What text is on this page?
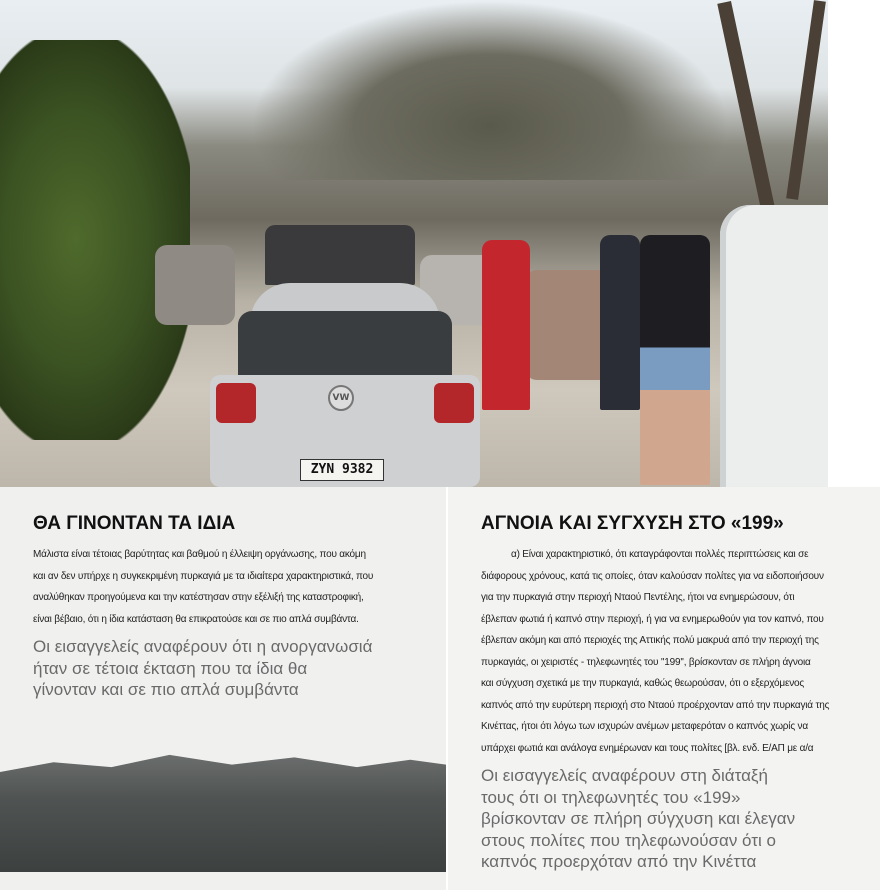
VW
ZYN 9382
ΘΑ ΓΙΝΟΝΤΑΝ ΤΑ ΙΔΙΑ

Μάλιστα είναι τέτοιας βαρύτητας και βαθμού η έλλειψη οργάνωσης, που ακόμη

και αν δεν υπήρχε η συγκεκριμένη πυρκαγιά με τα ιδιαίτερα χαρακτηριστικά, που

αναλύθηκαν προηγούμενα και την κατέστησαν στην εξέλιξή της καταστροφική,

είναι βέβαιο, ότι η ίδια κατάσταση θα επικρατούσε και σε πιο απλά συμβάντα.

Οι εισαγγελείς αναφέρουν ότι η ανοργανωσιά
ήταν σε τέτοια έκταση που τα ίδια θα
γίνονταν και σε πιο απλά συμβάντα
ΑΓΝΟΙΑ ΚΑΙ ΣΥΓΧΥΣΗ ΣΤΟ «199»

α) Είναι χαρακτηριστικό, ότι καταγράφονται πολλές περιπτώσεις και σε

διάφορους χρόνους, κατά τις οποίες, όταν καλούσαν πολίτες για να ειδοποιήσουν

για την πυρκαγιά στην περιοχή Νταού Πεντέλης, ήτοι να ενημερώσουν, ότι

έβλεπαν φωτιά ή καπνό στην περιοχή, ή για να ενημερωθούν για τον καπνό, που

έβλεπαν ακόμη και από περιοχές της Αττικής πολύ μακρυά από την περιοχή της

πυρκαγιάς, οι χειριστές - τηλεφωνητές του ''199'', βρίσκονταν σε πλήρη άγνοια

και σύγχυση σχετικά με την πυρκαγιά, καθώς θεωρούσαν, ότι ο εξερχόμενος

καπνός από την ευρύτερη περιοχή στο Νταού προέρχονταν από την πυρκαγιά της

Κινέττας, ήτοι ότι λόγω των ισχυρών ανέμων μεταφερόταν ο καπνός χωρίς να

υπάρχει φωτιά και ανάλογα ενημέρωναν και τους πολίτες [βλ. ενδ. Ε/ΑΠ με α/α

Οι εισαγγελείς αναφέρουν στη διάταξή
τους ότι οι τηλεφωνητές του «199»
βρίσκονταν σε πλήρη σύγχυση και έλεγαν
στους πολίτες που τηλεφωνούσαν ότι ο
καπνός προερχόταν από την Κινέττα
